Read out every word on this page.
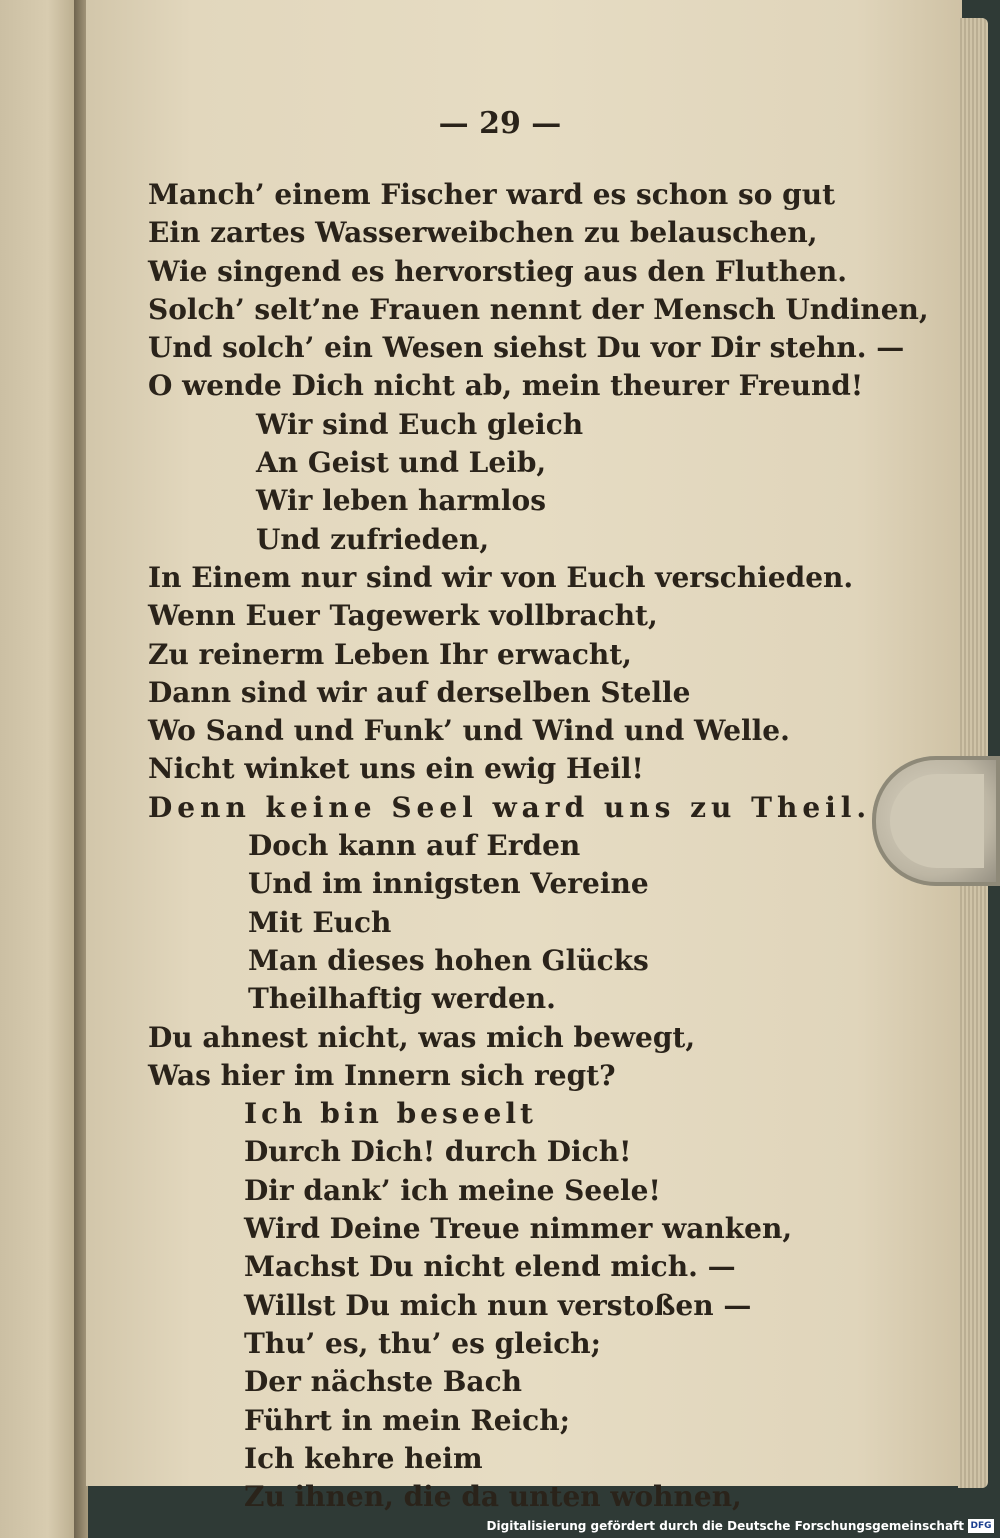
— 29 —
Manch’ einem Fischer ward es schon so gut
Ein zartes Wasserweibchen zu belauschen,
Wie singend es hervorstieg aus den Fluthen.
Solch’ selt’ne Frauen nennt der Mensch Undinen,
Und solch’ ein Wesen siehst Du vor Dir stehn. —
O wende Dich nicht ab, mein theurer Freund!
Wir sind Euch gleich
An Geist und Leib,
Wir leben harmlos
Und zufrieden,
In Einem nur sind wir von Euch verschieden.
Wenn Euer Tagewerk vollbracht,
Zu reinerm Leben Ihr erwacht,
Dann sind wir auf derselben Stelle
Wo Sand und Funk’ und Wind und Welle.
Nicht winket uns ein ewig Heil!
Denn keine Seel ward uns zu Theil.
Doch kann auf Erden
Und im innigsten Vereine
Mit Euch
Man dieses hohen Glücks
Theilhaftig werden.
Du ahnest nicht, was mich bewegt,
Was hier im Innern sich regt?
Ich bin beseelt
Durch Dich! durch Dich!
Dir dank’ ich meine Seele!
Wird Deine Treue nimmer wanken,
Machst Du nicht elend mich. —
Willst Du mich nun verstoßen —
Thu’ es, thu’ es gleich;
Der nächste Bach
Führt in mein Reich;
Ich kehre heim
Zu ihnen, die da unten wohnen,
Digitalisierung gefördert durch die Deutsche Forschungsgemeinschaft DFG
